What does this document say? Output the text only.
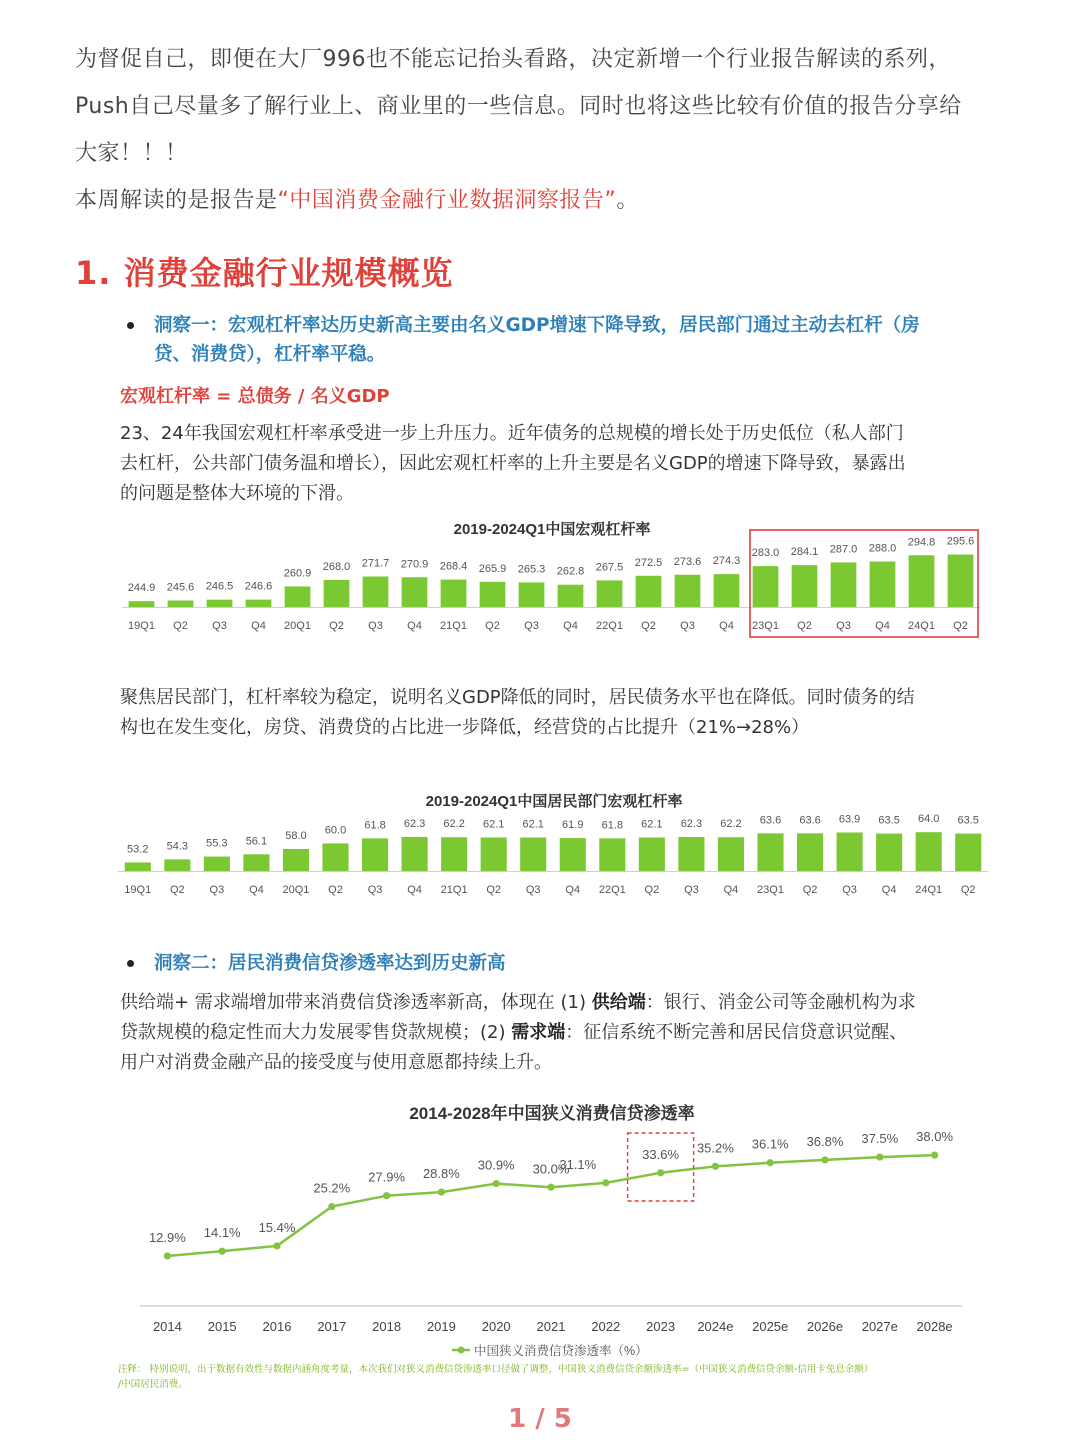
为督促自己，即便在大厂996也不能忘记抬头看路，决定新增一个行业报告解读的系列，

Push自己尽量多了解行业上、商业里的一些信息。同时也将这些比较有价值的报告分享给

大家！！！

本周解读的是报告是“中国消费金融行业数据洞察报告”。

1. 消费金融行业规模概览
洞察一：宏观杠杆率达历史新高主要由名义GDP增速下降导致，居民部门通过主动去杠杆（房
贷、消费贷），杠杆率平稳。
宏观杠杆率 = 总债务 / 名义GDP
23、24年我国宏观杠杆率承受进一步上升压力。近年债务的总规模的增长处于历史低位（私人部门
去杠杆，公共部门债务温和增长），因此宏观杠杆率的上升主要是名义GDP的增速下降导致，暴露出
的问题是整体大环境的下滑。
2019-2024Q1中国宏观杠杆率
244.9
19Q1
245.6
Q2
246.5
Q3
246.6
Q4
260.9
20Q1
268.0
Q2
271.7
Q3
270.9
Q4
268.4
21Q1
265.9
Q2
265.3
Q3
262.8
Q4
267.5
22Q1
272.5
Q2
273.6
Q3
274.3
Q4
283.0
23Q1
284.1
Q2
287.0
Q3
288.0
Q4
294.8
24Q1
295.6
Q2
聚焦居民部门，杠杆率较为稳定，说明名义GDP降低的同时，居民债务水平也在降低。同时债务的结
构也在发生变化，房贷、消费贷的占比进一步降低，经营贷的占比提升（21%→28%）
2019-2024Q1中国居民部门宏观杠杆率
53.2
19Q1
54.3
Q2
55.3
Q3
56.1
Q4
58.0
20Q1
60.0
Q2
61.8
Q3
62.3
Q4
62.2
21Q1
62.1
Q2
62.1
Q3
61.9
Q4
61.8
22Q1
62.1
Q2
62.3
Q3
62.2
Q4
63.6
23Q1
63.6
Q2
63.9
Q3
63.5
Q4
64.0
24Q1
63.5
Q2
洞察二：居民消费信贷渗透率达到历史新高
供给端+ 需求端增加带来消费信贷渗透率新高，体现在 (1) 供给端：银行、消金公司等金融机构为求
贷款规模的稳定性而大力发展零售贷款规模；(2) 需求端：征信系统不断完善和居民信贷意识觉醒、
用户对消费金融产品的接受度与使用意愿都持续上升。
2014-2028年中国狭义消费信贷渗透率
12.9%
2014
14.1%
2015
15.4%
2016
25.2%
2017
27.9%
2018
28.8%
2019
30.9%
2020
30.0%
2021
31.1%
2022
33.6%
2023
35.2%
2024e
36.1%
2025e
36.8%
2026e
37.5%
2027e
38.0%
2028e
中国狭义消费信贷渗透率（%）
注释： 特别说明，出于数据有效性与数据内涵角度考量，本次我们对狭义消费信贷渗透率口径做了调整，中国狭义消费信贷余额渗透率=（中国狭义消费信贷余额-信用卡免息余额）
/中国居民消费。
1 / 5
